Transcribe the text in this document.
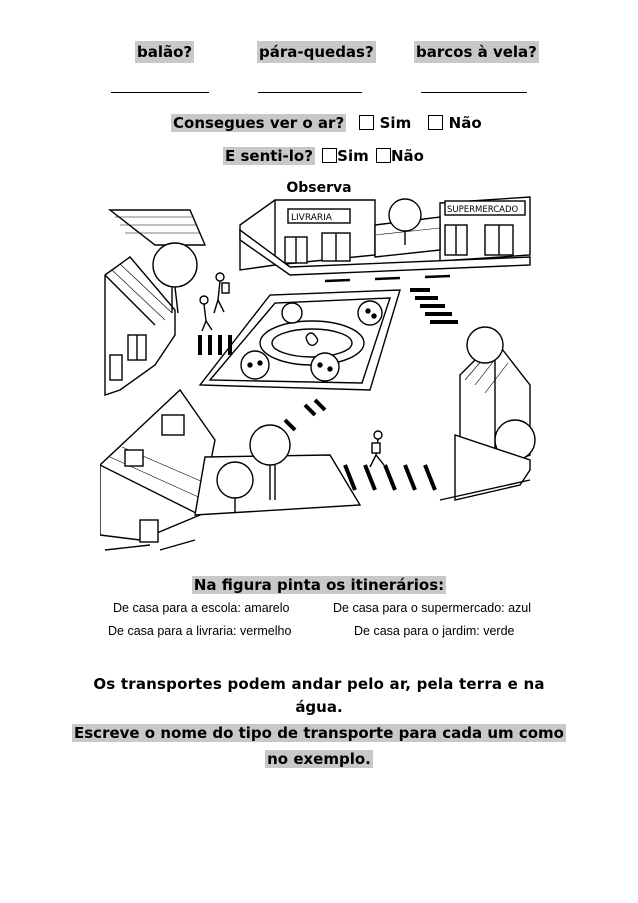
balão?	pára-quedas?	barcos à vela?
Consegues ver o ar? Sim Não
E senti-lo? Sim Não
Observa
LIVRARIA
SUPERMERCADO
Na figura pinta os itinerários:
De casa para a escola: amarelo	De casa para o supermercado: azul
De casa para a livraria: vermelho	De casa para o jardim: verde
Os transportes podem andar pelo ar, pela terra e na
água.
Escreve o nome do tipo de transporte para cada um como
no exemplo.
